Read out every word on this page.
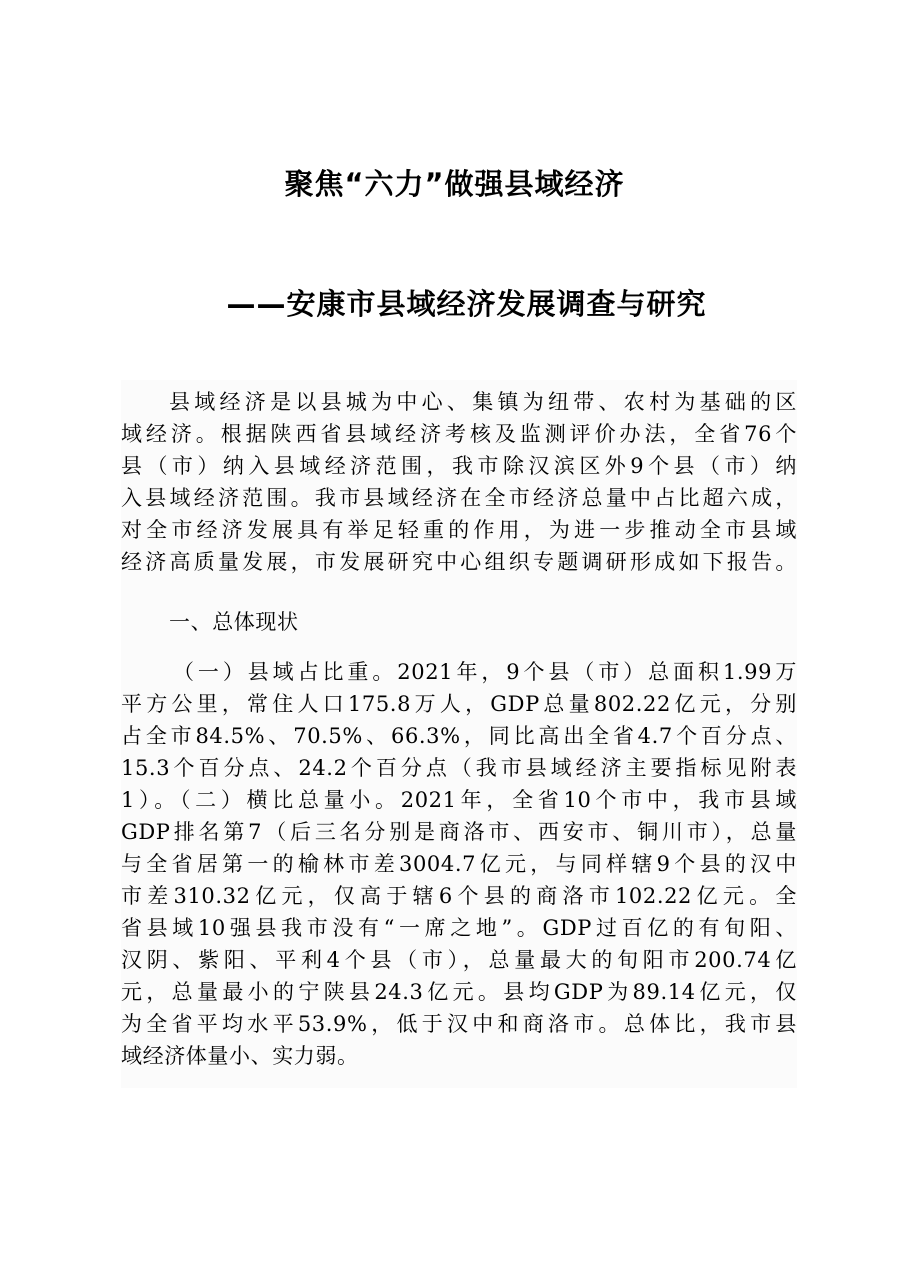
聚焦“六力”做强县域经济
——安康市县域经济发展调查与研究
县域经济是以县城为中心、集镇为纽带、农村为基础的区
域经济。根据陕西省县域经济考核及监测评价办法，全省76个
县（市）纳入县域经济范围，我市除汉滨区外9个县（市）纳
入县域经济范围。我市县域经济在全市经济总量中占比超六成，
对全市经济发展具有举足轻重的作用，为进一步推动全市县域
经济高质量发展，市发展研究中心组织专题调研形成如下报告。
一、总体现状
（一）县域占比重。2021年，9个县（市）总面积1.99万
平方公里，常住人口175.8万人，GDP总量802.22亿元，分别
占全市84.5%、70.5%、66.3%，同比高出全省4.7个百分点、
15.3个百分点、24.2个百分点（我市县域经济主要指标见附表
1）。（二）横比总量小。2021年，全省10个市中，我市县域
GDP排名第7（后三名分别是商洛市、西安市、铜川市），总量
与全省居第一的榆林市差3004.7亿元，与同样辖9个县的汉中
市差310.32亿元，仅高于辖6个县的商洛市102.22亿元。全
省县域10强县我市没有“一席之地”。GDP过百亿的有旬阳、
汉阴、紫阳、平利4个县（市），总量最大的旬阳市200.74亿
元，总量最小的宁陕县24.3亿元。县均GDP为89.14亿元，仅
为全省平均水平53.9%，低于汉中和商洛市。总体比，我市县
域经济体量小、实力弱。
